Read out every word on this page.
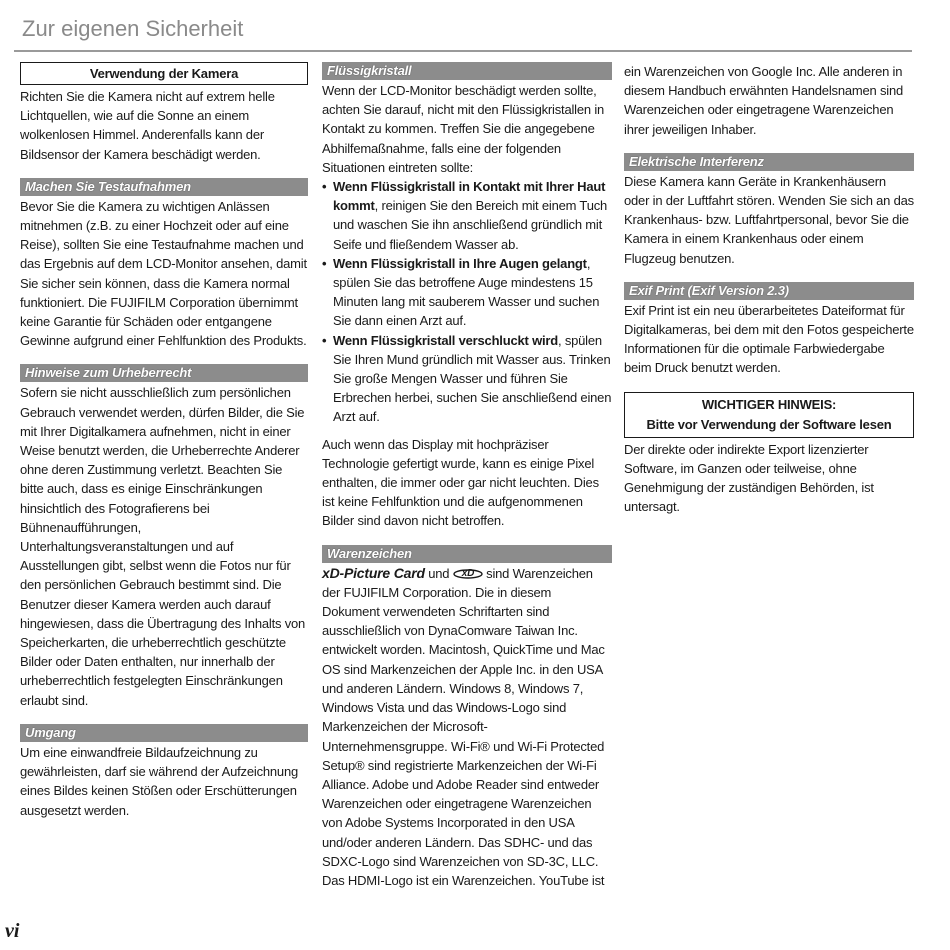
Zur eigenen Sicherheit
Verwendung der Kamera

Richten Sie die Kamera nicht auf extrem helle Lichtquellen, wie auf die Sonne an einem wolkenlosen Himmel. Anderenfalls kann der Bildsensor der Kamera beschädigt werden.

Machen Sie Testaufnahmen

Bevor Sie die Kamera zu wichtigen Anlässen mitnehmen (z.B. zu einer Hochzeit oder auf eine Reise), sollten Sie eine Testaufnahme machen und das Ergebnis auf dem LCD-Monitor ansehen, damit Sie sicher sein können, dass die Kamera normal funktioniert. Die FUJIFILM Corporation übernimmt keine Garantie für Schäden oder entgangene Gewinne aufgrund einer Fehlfunktion des Produkts.

Hinweise zum Urheberrecht

Sofern sie nicht ausschließlich zum persönlichen Gebrauch verwendet werden, dürfen Bilder, die Sie mit Ihrer Digitalkamera aufnehmen, nicht in einer Weise benutzt werden, die Urheberrechte Anderer ohne deren Zustimmung verletzt. Beachten Sie bitte auch, dass es einige Einschränkungen hinsichtlich des Fotografierens bei Bühnenaufführungen, Unterhaltungsveranstaltungen und auf Ausstellungen gibt, selbst wenn die Fotos nur für den persönlichen Gebrauch bestimmt sind. Die Benutzer dieser Kamera werden auch darauf hingewiesen, dass die Übertragung des Inhalts von Speicherkarten, die urheberrechtlich geschützte Bilder oder Daten enthalten, nur innerhalb der urheberrechtlich festgelegten Einschränkungen erlaubt sind.

Umgang

Um eine einwandfreie Bildaufzeichnung zu gewährleisten, darf sie während der Aufzeichnung eines Bildes keinen Stößen oder Erschütterungen ausgesetzt werden.

Flüssigkristall

Wenn der LCD-Monitor beschädigt werden sollte, achten Sie darauf, nicht mit den Flüssigkristallen in Kontakt zu kommen. Treffen Sie die angegebene Abhilfemaßnahme, falls eine der folgenden Situationen eintreten sollte:

• Wenn Flüssigkristall in Kontakt mit Ihrer Haut kommt, reinigen Sie den Bereich mit einem Tuch und waschen Sie ihn anschließend gründlich mit Seife und fließendem Wasser ab.
• Wenn Flüssigkristall in Ihre Augen gelangt, spülen Sie das betroffene Auge mindestens 15 Minuten lang mit sauberem Wasser und suchen Sie dann einen Arzt auf.
• Wenn Flüssigkristall verschluckt wird, spülen Sie Ihren Mund gründlich mit Wasser aus. Trinken Sie große Mengen Wasser und führen Sie Erbrechen herbei, suchen Sie anschließend einen Arzt auf.

Auch wenn das Display mit hochpräziser Technologie gefertigt wurde, kann es einige Pixel enthalten, die immer oder gar nicht leuchten. Dies ist keine Fehlfunktion und die aufgenommenen Bilder sind davon nicht betroffen.

Warenzeichen

xD-Picture Card und xD sind Warenzeichen der FUJIFILM Corporation. Die in diesem Dokument verwendeten Schriftarten sind ausschließlich von DynaComware Taiwan Inc. entwickelt worden. Macintosh, QuickTime und Mac OS sind Markenzeichen der Apple Inc. in den USA und anderen Ländern. Windows 8, Windows 7, Windows Vista und das Windows-Logo sind Markenzeichen der Microsoft-Unternehmensgruppe. Wi-Fi® und Wi-Fi Protected Setup® sind registrierte Markenzeichen der Wi-Fi Alliance. Adobe und Adobe Reader sind entweder Warenzeichen oder eingetragene Warenzeichen von Adobe Systems Incorporated in den USA und/oder anderen Ländern. Das SDHC- und das SDXC-Logo sind Warenzeichen von SD-3C, LLC. Das HDMI-Logo ist ein Warenzeichen. YouTube ist

ein Warenzeichen von Google Inc. Alle anderen in diesem Handbuch erwähnten Handelsnamen sind Warenzeichen oder eingetragene Warenzeichen ihrer jeweiligen Inhaber.

Elektrische Interferenz

Diese Kamera kann Geräte in Krankenhäusern oder in der Luftfahrt stören. Wenden Sie sich an das Krankenhaus- bzw. Luftfahrtpersonal, bevor Sie die Kamera in einem Krankenhaus oder einem Flugzeug benutzen.

Exif Print (Exif Version 2.3)

Exif Print ist ein neu überarbeitetes Dateiformat für Digitalkameras, bei dem mit den Fotos gespeicherte Informationen für die optimale Farbwiedergabe beim Druck benutzt werden.

WICHTIGER HINWEIS:
Bitte vor Verwendung der Software lesen

Der direkte oder indirekte Export lizenzierter Software, im Ganzen oder teilweise, ohne Genehmigung der zuständigen Behörden, ist untersagt.

vi
